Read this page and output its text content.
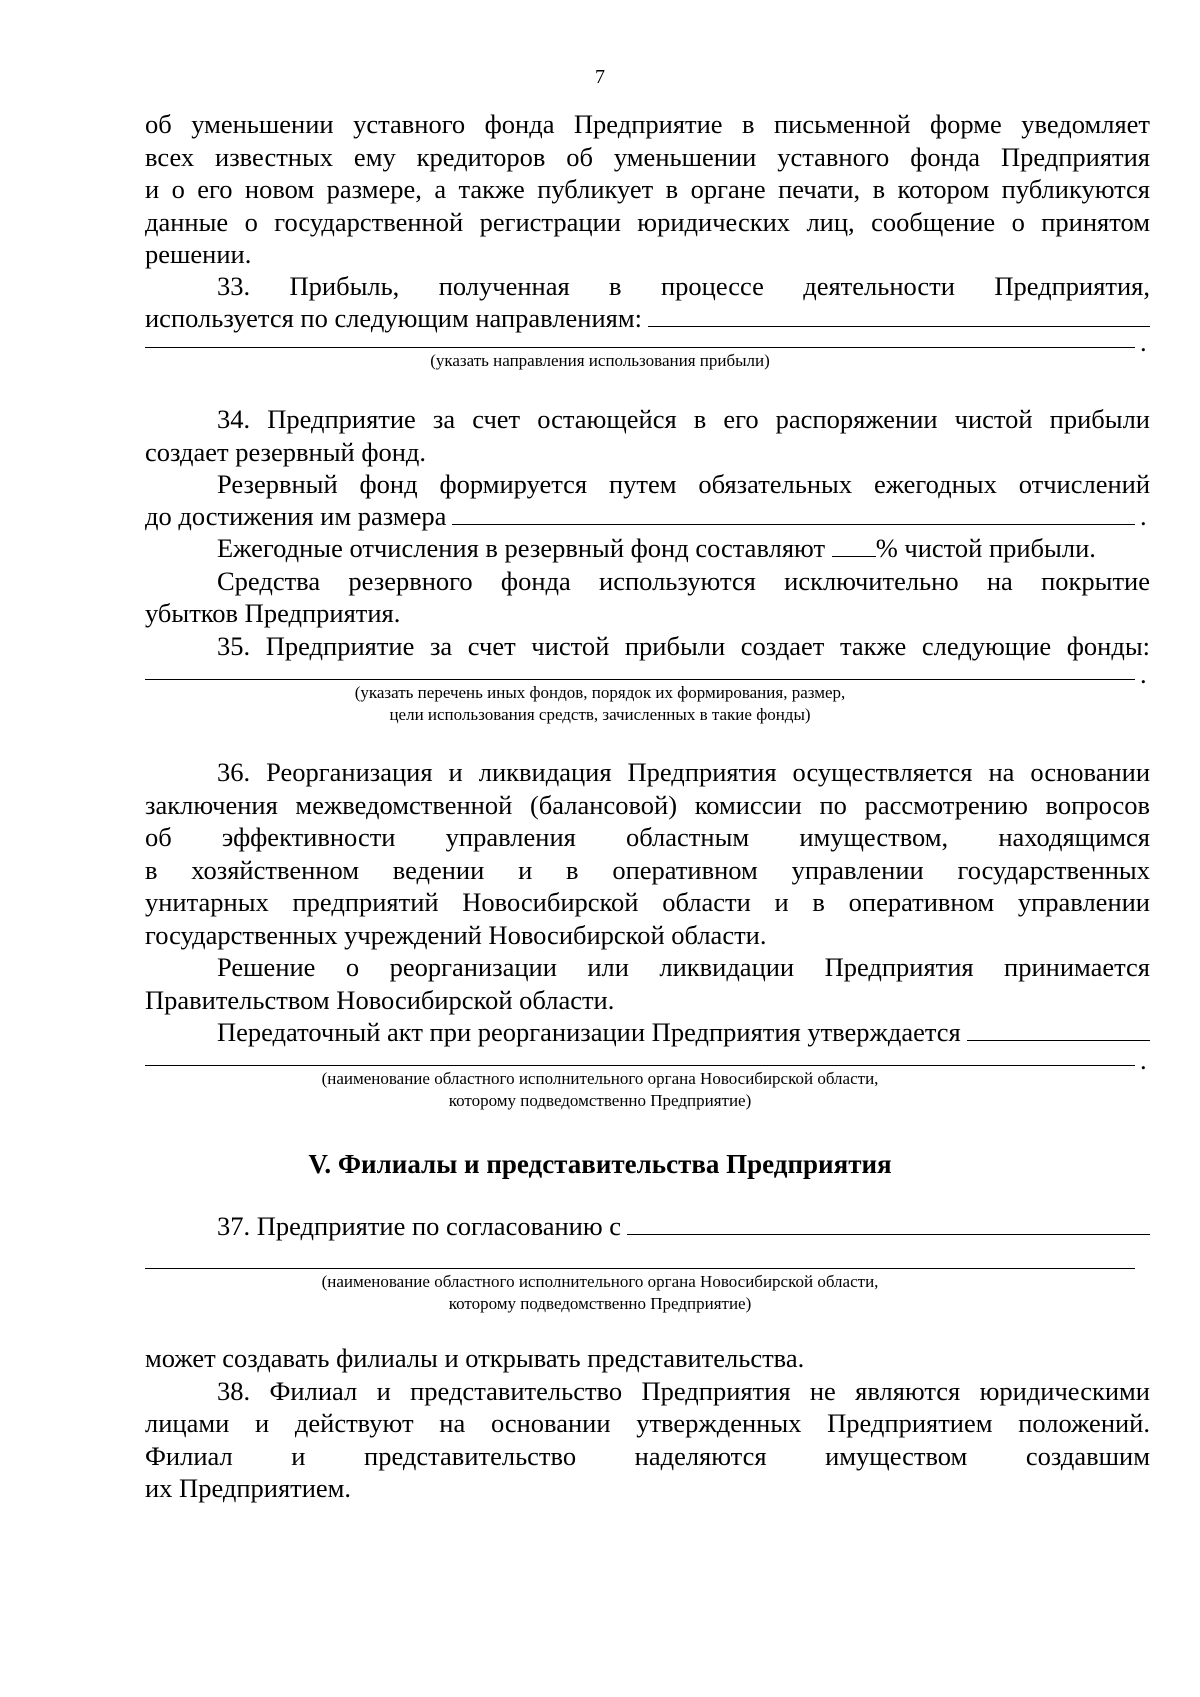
7
об уменьшении уставного фонда Предприятие в письменной форме уведомляет
всех известных ему кредиторов об уменьшении уставного фонда Предприятия
и о его новом размере, а также публикует в органе печати, в котором публикуются
данные о государственной регистрации юридических лиц, сообщение о принятом
решении.
33. Прибыль, полученная в процессе деятельности Предприятия,
используется по следующим направлениям:
.
(указать направления использования прибыли)
34. Предприятие за счет остающейся в его распоряжении чистой прибыли
создает резервный фонд.
Резервный фонд формируется путем обязательных ежегодных отчислений
до достижения им размера	.
Ежегодные отчисления в резервный фонд составляют % чистой прибыли.
Средства резервного фонда используются исключительно на покрытие
убытков Предприятия.
35. Предприятие за счет чистой прибыли создает также следующие фонды:
.
(указать перечень иных фондов, порядок их формирования, размер,
цели использования средств, зачисленных в такие фонды)
36. Реорганизация и ликвидация Предприятия осуществляется на основании
заключения межведомственной (балансовой) комиссии по рассмотрению вопросов
об эффективности управления областным имуществом, находящимся
в хозяйственном ведении и в оперативном управлении государственных
унитарных предприятий Новосибирской области и в оперативном управлении
государственных учреждений Новосибирской области.
Решение о реорганизации или ликвидации Предприятия принимается
Правительством Новосибирской области.
Передаточный акт при реорганизации Предприятия утверждается
.
(наименование областного исполнительного органа Новосибирской области,
которому подведомственно Предприятие)
V. Филиалы и представительства Предприятия
37. Предприятие по согласованию с
(наименование областного исполнительного органа Новосибирской области,
которому подведомственно Предприятие)
может создавать филиалы и открывать представительства.
38. Филиал и представительство Предприятия не являются юридическими
лицами и действуют на основании утвержденных Предприятием положений.
Филиал и представительство наделяются имуществом создавшим
их Предприятием.
